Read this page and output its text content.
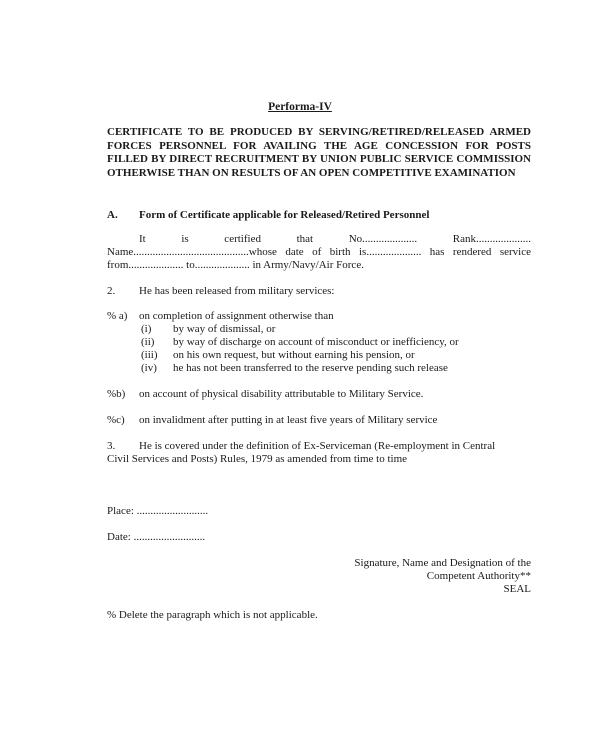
Performa-IV
CERTIFICATE TO BE PRODUCED BY SERVING/RETIRED/RELEASED ARMED FORCES PERSONNEL FOR AVAILING THE AGE CONCESSION FOR POSTS FILLED BY DIRECT RECRUITMENT BY UNION PUBLIC SERVICE COMMISSION OTHERWISE THAN ON RESULTS OF AN OPEN COMPETITIVE EXAMINATION
A. Form of Certificate applicable for Released/Retired Personnel
It is certified that No.................... Rank....................
Name..........................................whose date of birth is.................... has rendered service
from.................... to.................... in Army/Navy/Air Force.
2. He has been released from military services:
% a) on completion of assignment otherwise than
(i) by way of dismissal, or
(ii) by way of discharge on account of misconduct or inefficiency, or
(iii) on his own request, but without earning his pension, or
(iv) he has not been transferred to the reserve pending such release
%b) on account of physical disability attributable to Military Service.
%c) on invalidment after putting in at least five years of Military service
3. He is covered under the definition of Ex-Serviceman (Re-employment in Central
Civil Services and Posts) Rules, 1979 as amended from time to time
Place: ..........................
Date: ..........................
Signature, Name and Designation of the
Competent Authority**
SEAL
% Delete the paragraph which is not applicable.
